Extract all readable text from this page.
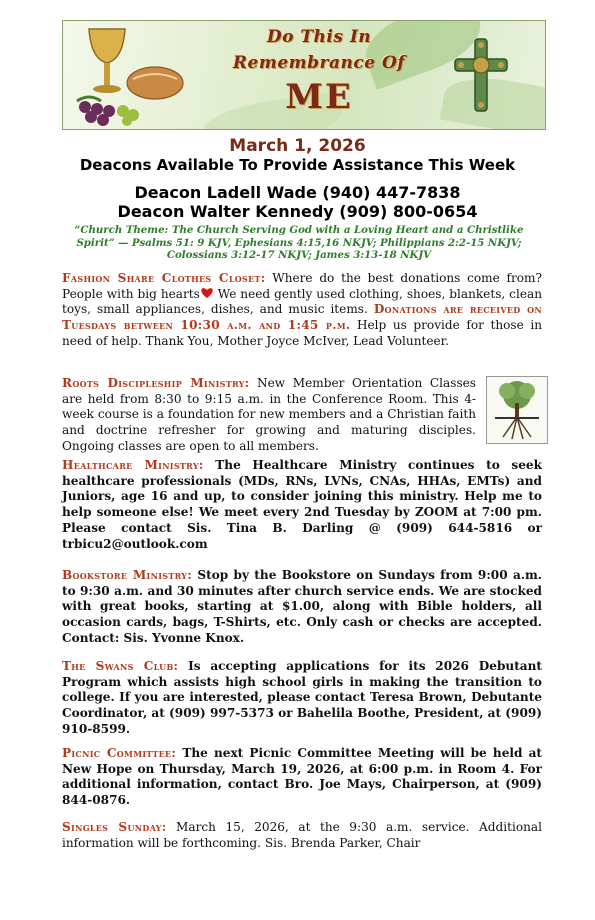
Do This In
Remembrance Of
ME
March 1, 2026
Deacons Available To Provide Assistance This Week
Deacon Ladell Wade (940) 447-7838
Deacon Walter Kennedy (909) 800-0654
“Church Theme: The Church Serving God with a Loving Heart and a Christlike Spirit” — Psalms 51: 9 KJV, Ephesians 4:15,16 NKJV; Philippians 2:2-15 NKJV; Colossians 3:12-17 NKJV; James 3:13-18 NKJV
Fashion Share Clothes Closet: Where do the best donations come from? People with big hearts We need gently used clothing, shoes, blankets, clean toys, small appliances, dishes, and music items. Donations are received on Tuesdays between 10:30 a.m. and 1:45 p.m. Help us provide for those in need of help. Thank You, Mother Joyce McIver, Lead Volunteer.
Roots Discipleship Ministry: New Member Orientation Classes are held from 8:30 to 9:15 a.m. in the Conference Room. This 4-week course is a foundation for new members and a Christian faith and doctrine refresher for growing and maturing disciples. Ongoing classes are open to all members.
Healthcare Ministry: The Healthcare Ministry continues to seek healthcare professionals (MDs, RNs, LVNs, CNAs, HHAs, EMTs) and Juniors, age 16 and up, to consider joining this ministry. Help me to help someone else! We meet every 2nd Tuesday by ZOOM at 7:00 pm. Please contact Sis. Tina B. Darling @ (909) 644-5816 or trbicu2@outlook.com
Bookstore Ministry: Stop by the Bookstore on Sundays from 9:00 a.m. to 9:30 a.m. and 30 minutes after church service ends. We are stocked with great books, starting at $1.00, along with Bible holders, all occasion cards, bags, T-Shirts, etc. Only cash or checks are accepted. Contact: Sis. Yvonne Knox.
The Swans Club: Is accepting applications for its 2026 Debutant Program which assists high school girls in making the transition to college. If you are interested, please contact Teresa Brown, Debutante Coordinator, at (909) 997-5373 or Bahelila Boothe, President, at (909) 910-8599.
Picnic Committee: The next Picnic Committee Meeting will be held at New Hope on Thursday, March 19, 2026, at 6:00 p.m. in Room 4. For additional information, contact Bro. Joe Mays, Chairperson, at (909) 844-0876.
Singles Sunday: March 15, 2026, at the 9:30 a.m. service. Additional information will be forthcoming. Sis. Brenda Parker, Chair
